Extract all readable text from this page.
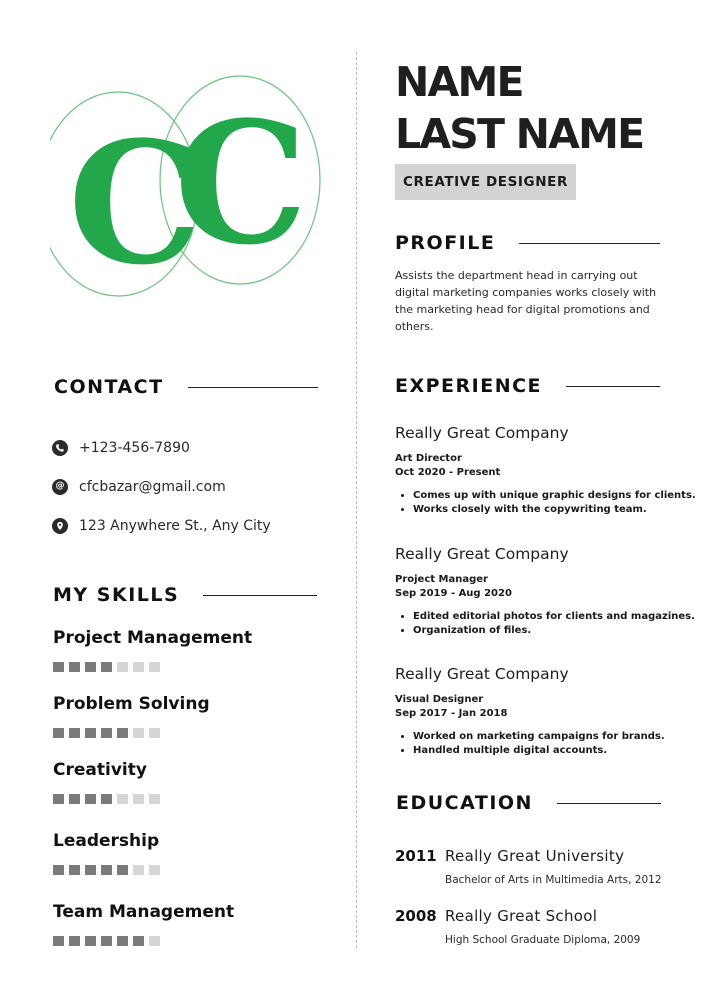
C
C
NAME
LAST NAME
CREATIVE DESIGNER
PROFILE
Assists the department head in carrying out digital marketing companies works closely with the marketing head for digital promotions and others.
CONTACT
+123-456-7890
@ cfcbazar@gmail.com
123 Anywhere St., Any City
MY SKILLS
Project Management
Problem Solving
Creativity
Leadership
Team Management
EXPERIENCE
Really Great Company
Art Director
Oct 2020 - Present
• Comes up with unique graphic designs for clients.
• Works closely with the copywriting team.
Really Great Company
Project Manager
Sep 2019 - Aug 2020
• Edited editorial photos for clients and magazines.
• Organization of files.
Really Great Company
Visual Designer
Sep 2017 - Jan 2018
• Worked on marketing campaigns for brands.
• Handled multiple digital accounts.
EDUCATION
2011 Really Great University
Bachelor of Arts in Multimedia Arts, 2012
2008 Really Great School
High School Graduate Diploma, 2009
